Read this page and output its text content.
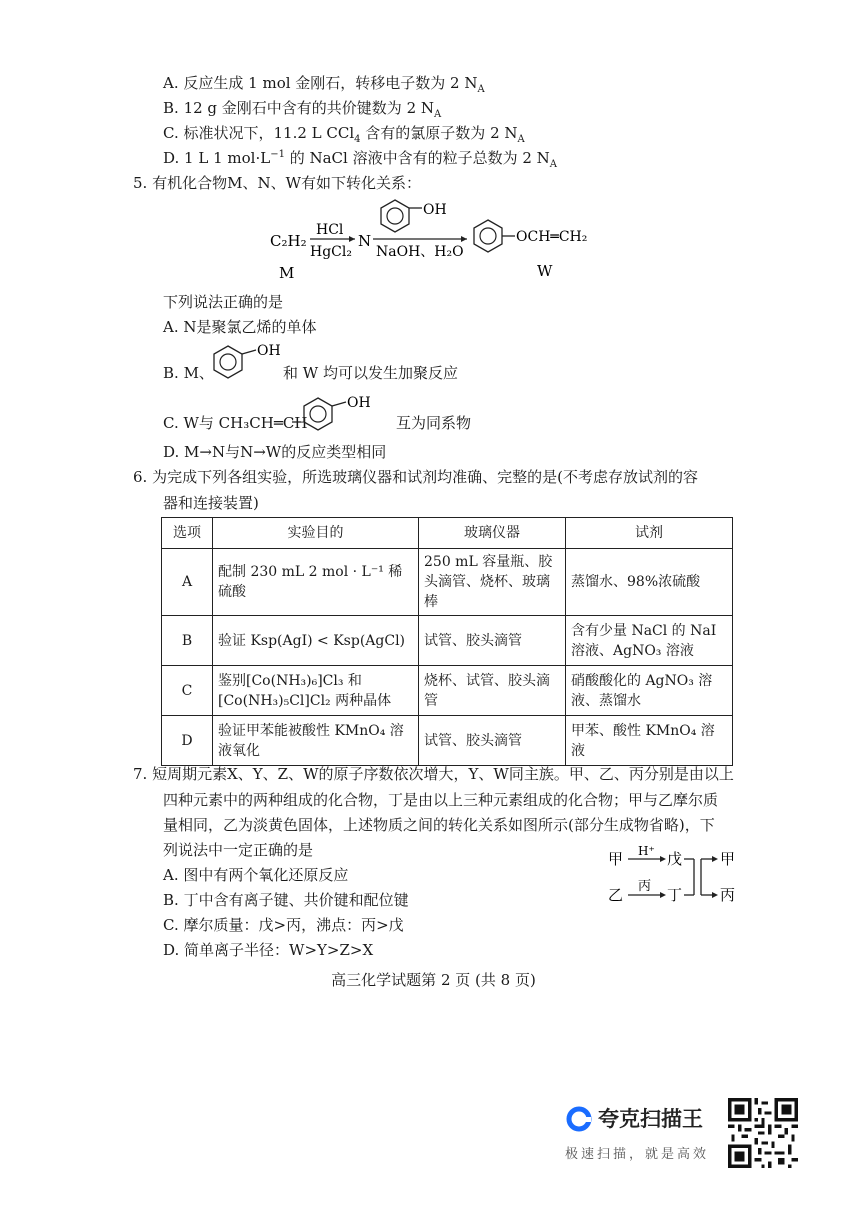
A. 反应生成 1 mol 金刚石，转移电子数为 2 $N_A$
B. 12 g 金刚石中含有的共价键数为 2 $N_A$
C. 标准状况下，11.2 L CCl$_4$ 含有的氯原子数为 2 $N_A$
D. 1 L 1 $mol\cdot L^{-1}$ 的 NaCl 溶液中含有的粒子总数为 2 $N_A$
5. 有机化合物M、N、W有如下转化关系：
C₂H₂
HCl
HgCl₂
N
OH
NaOH、H₂O
OCH═CH₂
M	W
下列说法正确的是
A. N是聚氯乙烯的单体
B. M、
OH
和 W 均可以发生加聚反应
C. W与 CH₃CH═CH
OH
互为同系物
D. M→N与N→W的反应类型相同
6. 为完成下列各组实验，所选玻璃仪器和试剂均准确、完整的是(不考虑存放试剂的容
器和连接装置)
选项	实验目的	玻璃仪器	试剂
A	配制 230 mL 2 mol · L⁻¹ 稀硫酸	250 mL 容量瓶、胶头滴管、烧杯、玻璃棒	蒸馏水、98%浓硫酸
B	验证 Ksp(AgI) < Ksp(AgCl)	试管、胶头滴管	含有少量 NaCl 的 NaI 溶液、AgNO₃ 溶液
C	鉴别[Co(NH₃)₆]Cl₃ 和 [Co(NH₃)₅Cl]Cl₂ 两种晶体	烧杯、试管、胶头滴管	硝酸酸化的 AgNO₃ 溶液、蒸馏水
D	验证甲苯能被酸性 KMnO₄ 溶液氧化	试管、胶头滴管	甲苯、酸性 KMnO₄ 溶液
7. 短周期元素X、Y、Z、W的原子序数依次增大，Y、W同主族。甲、乙、丙分别是由以上
四种元素中的两种组成的化合物，丁是由以上三种元素组成的化合物；甲与乙摩尔质
量相同，乙为淡黄色固体，上述物质之间的转化关系如图所示(部分生成物省略)，下
列说法中一定正确的是
A. 图中有两个氧化还原反应
B. 丁中含有离子键、共价键和配位键
C. 摩尔质量：戊>丙，沸点：丙>戊
D. 简单离子半径：W>Y>Z>X
甲 H⁺ 戊
乙 丙 丁
甲
丙
高三化学试题第 2 页 (共 8 页)
夸克扫描王
极速扫描，就是高效
